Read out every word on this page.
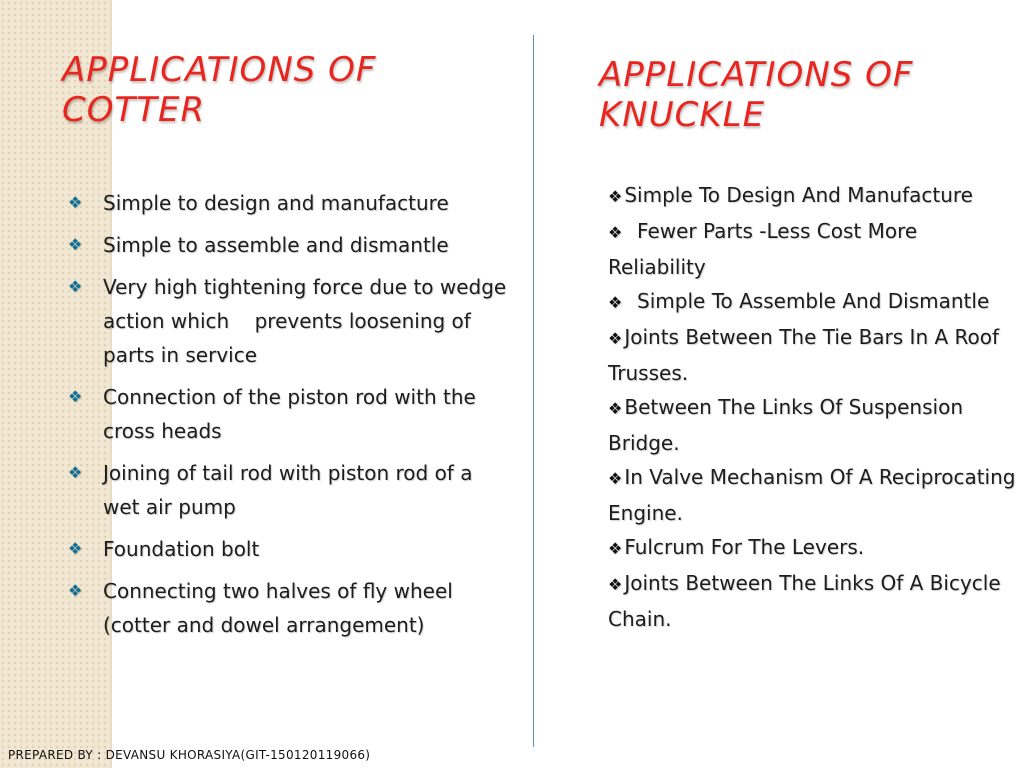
APPLICATIONS OF COTTER
❖ Simple to design and manufacture
❖ Simple to assemble and dismantle
❖ Very high tightening force due to wedge action which    prevents loosening of parts in service
❖ Connection of the piston rod with the cross heads
❖ Joining of tail rod with piston rod of a wet air pump
❖ Foundation bolt
❖ Connecting two halves of fly wheel (cotter and dowel arrangement)
APPLICATIONS OF KNUCKLE
❖ Simple To Design And Manufacture
❖  Fewer Parts -Less Cost More Reliability
❖  Simple To Assemble And Dismantle
❖ Joints Between The Tie Bars In A Roof Trusses.
❖ Between The Links Of Suspension Bridge.
❖ In Valve Mechanism Of A Reciprocating Engine.
❖ Fulcrum For The Levers.
❖ Joints Between The Links Of A Bicycle Chain.

PREPARED BY : DEVANSU KHORASIYA(GIT-150120119066)
